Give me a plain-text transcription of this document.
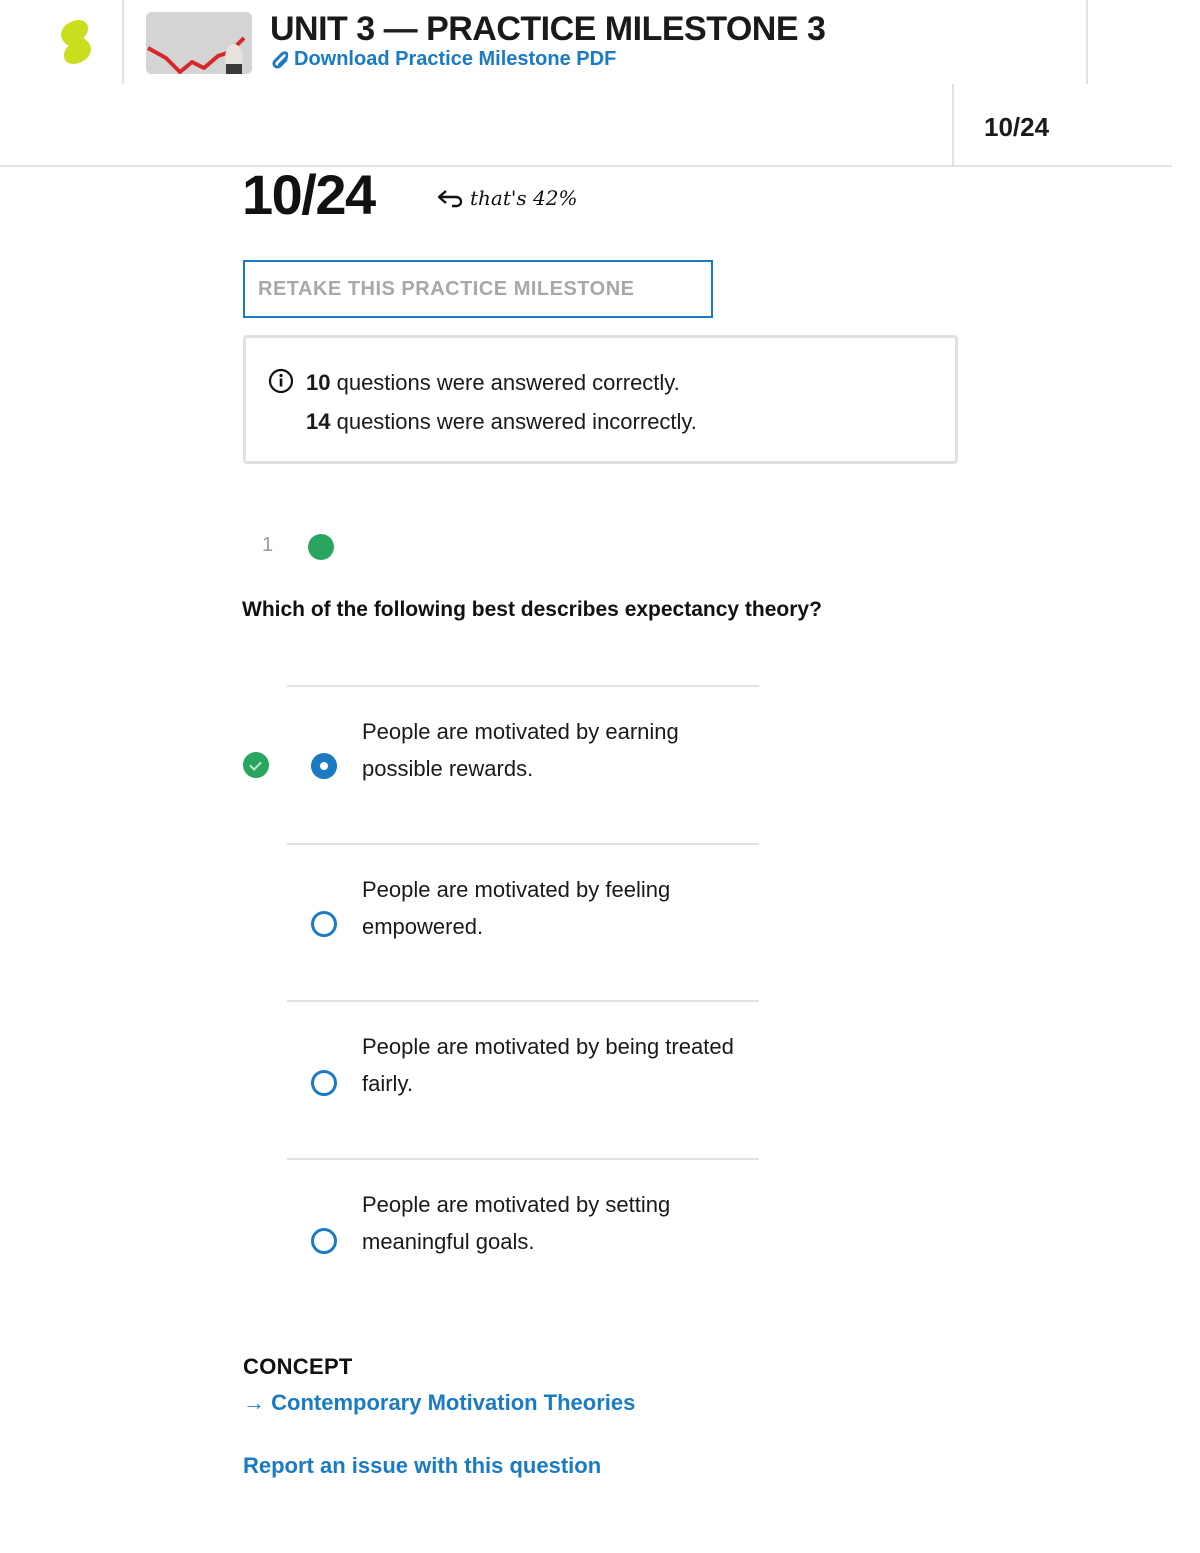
UNIT 3 — PRACTICE MILESTONE 3
Download Practice Milestone PDF
10/24
10/24	that's 42%
RETAKE THIS PRACTICE MILESTONE
10 questions were answered correctly.
14 questions were answered incorrectly.
1
Which of the following best describes expectancy theory?
People are motivated by earning possible rewards.
People are motivated by feeling empowered.
People are motivated by being treated fairly.
People are motivated by setting meaningful goals.
CONCEPT
→ Contemporary Motivation Theories
Report an issue with this question
